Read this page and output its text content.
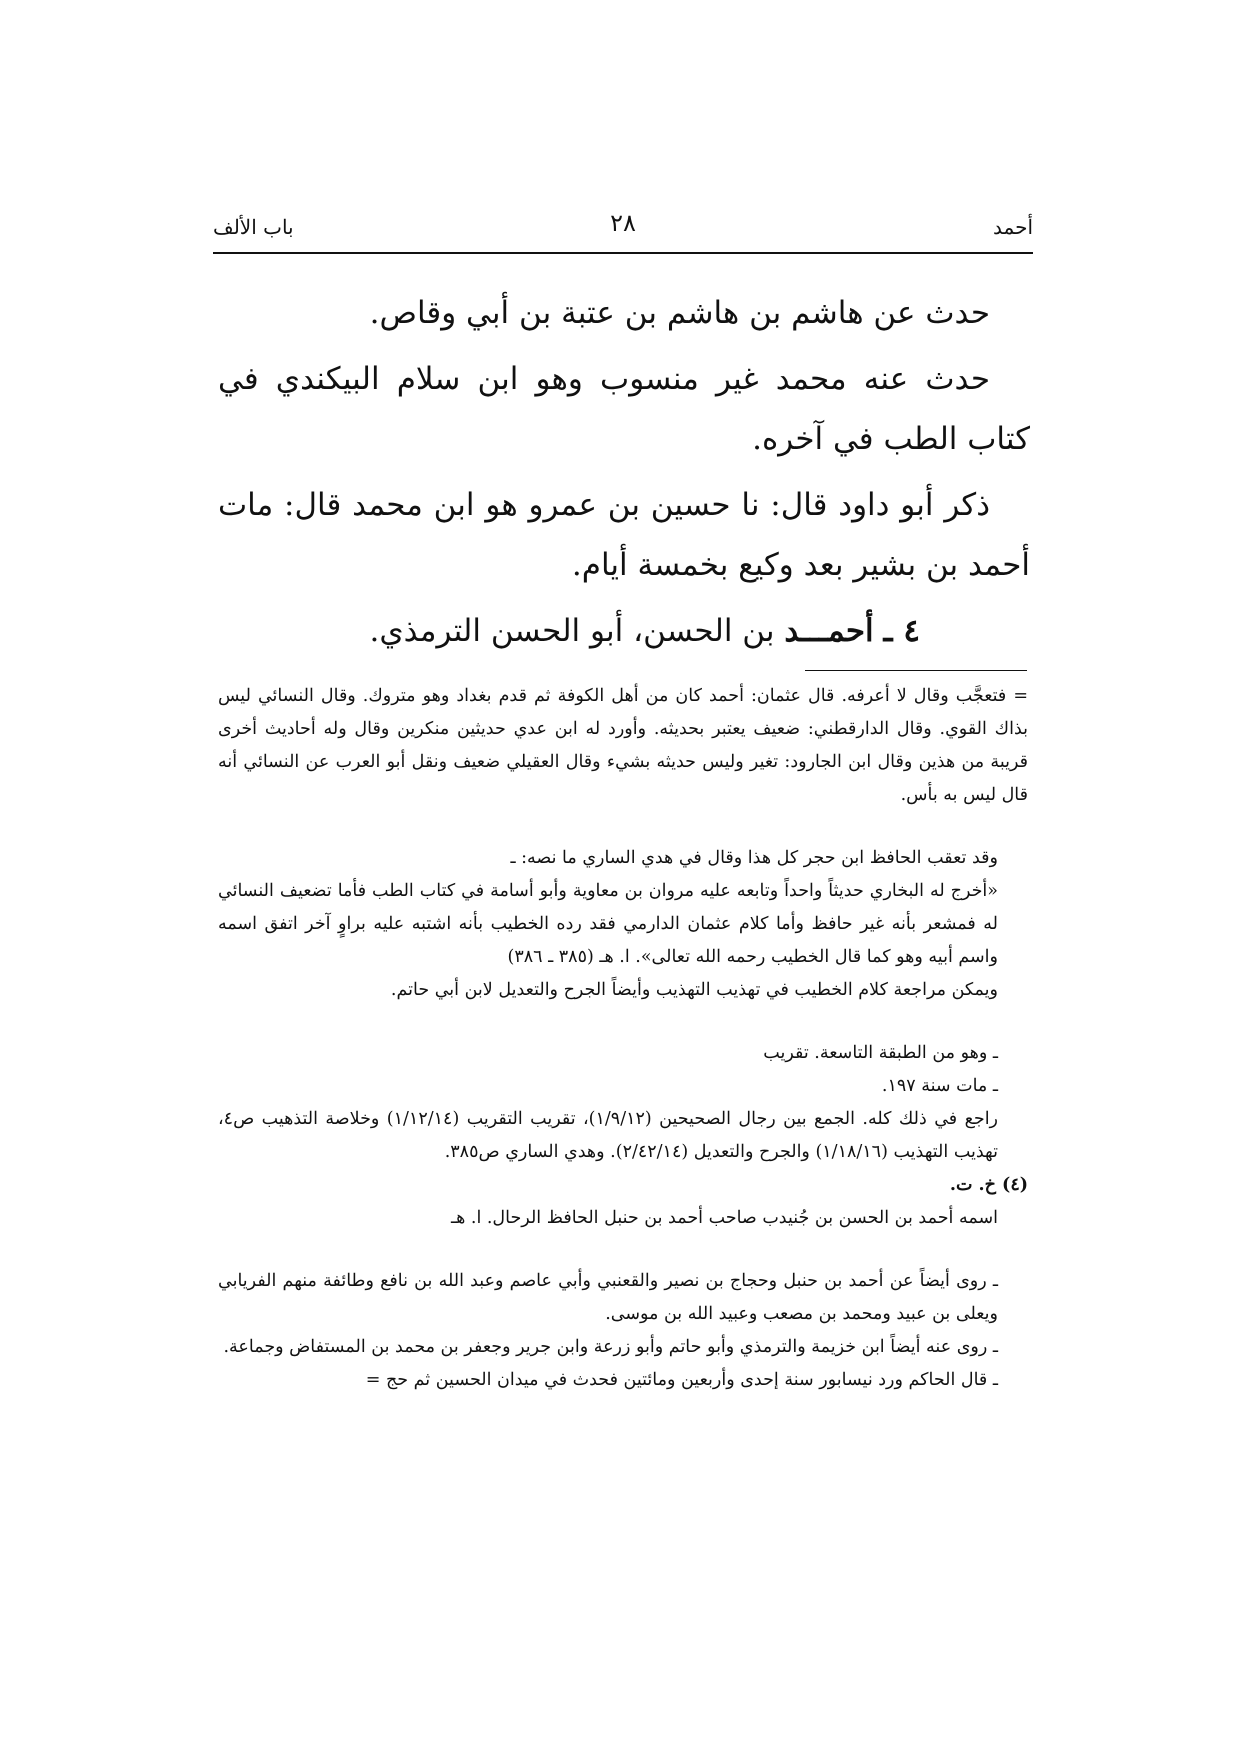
أحمد
٢٨
باب الألف

حدث عن هاشم بن هاشم بن عتبة بن أبي وقاص.

حدث عنه محمد غير منسوب وهو ابن سلام البيكندي في كتاب الطب في آخره.

ذكر أبو داود قال: نا حسين بن عمرو هو ابن محمد قال: مات أحمد بن بشير بعد وكيع بخمسة أيام.

٤ ـ أحمـــد بن الحسن، أبو الحسن الترمذي.

= فتعجَّب وقال لا أعرفه. قال عثمان: أحمد كان من أهل الكوفة ثم قدم بغداد وهو متروك. وقال النسائي ليس بذاك القوي. وقال الدارقطني: ضعيف يعتبر بحديثه. وأورد له ابن عدي حديثين منكرين وقال وله أحاديث أخرى قريبة من هذين وقال ابن الجارود: تغير وليس حديثه بشيء وقال العقيلي ضعيف ونقل أبو العرب عن النسائي أنه قال ليس به بأس.

وقد تعقب الحافظ ابن حجر كل هذا وقال في هدي الساري ما نصه: ـ

«أخرج له البخاري حديثاً واحداً وتابعه عليه مروان بن معاوية وأبو أسامة في كتاب الطب فأما تضعيف النسائي له فمشعر بأنه غير حافظ وأما كلام عثمان الدارمي فقد رده الخطيب بأنه اشتبه عليه براوٍ آخر اتفق اسمه واسم أبيه وهو كما قال الخطيب رحمه الله تعالى». ا. هـ (٣٨٥ ـ ٣٨٦)

ويمكن مراجعة كلام الخطيب في تهذيب التهذيب وأيضاً الجرح والتعديل لابن أبي حاتم.

ـ وهو من الطبقة التاسعة. تقريب

ـ مات سنة ١٩٧.

راجع في ذلك كله. الجمع بين رجال الصحيحين (١/٩/١٢)، تقريب التقريب (١/١٢/١٤) وخلاصة التذهيب ص٤، تهذيب التهذيب (١/١٨/١٦) والجرح والتعديل (٢/٤٢/١٤). وهدي الساري ص٣٨٥.

(٤) خ. ت.

اسمه أحمد بن الحسن بن جُنيدب صاحب أحمد بن حنبل الحافظ الرحال. ا. هـ

ـ روى أيضاً عن أحمد بن حنبل وحجاج بن نصير والقعنبي وأبي عاصم وعبد الله بن نافع وطائفة منهم الفريابي ويعلى بن عبيد ومحمد بن مصعب وعبيد الله بن موسى.

ـ روى عنه أيضاً ابن خزيمة والترمذي وأبو حاتم وأبو زرعة وابن جرير وجعفر بن محمد بن المستفاض وجماعة.

ـ قال الحاكم ورد نيسابور سنة إحدى وأربعين ومائتين فحدث في ميدان الحسين ثم حج =
